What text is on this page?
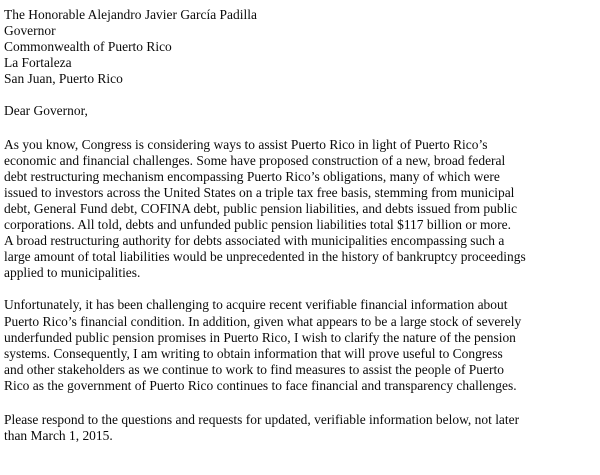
The Honorable Alejandro Javier García Padilla Governor Commonwealth of Puerto Rico La Fortaleza San Juan, Puerto Rico
Dear Governor,
As you know, Congress is considering ways to assist Puerto Rico in light of Puerto Rico’s economic and financial challenges. Some have proposed construction of a new, broad federal debt restructuring mechanism encompassing Puerto Rico’s obligations, many of which were issued to investors across the United States on a triple tax free basis, stemming from municipal debt, General Fund debt, COFINA debt, public pension liabilities, and debts issued from public corporations. All told, debts and unfunded public pension liabilities total $117 billion or more. A broad restructuring authority for debts associated with municipalities encompassing such a large amount of total liabilities would be unprecedented in the history of bankruptcy proceedings applied to municipalities.
Unfortunately, it has been challenging to acquire recent verifiable financial information about Puerto Rico’s financial condition. In addition, given what appears to be a large stock of severely underfunded public pension promises in Puerto Rico, I wish to clarify the nature of the pension systems. Consequently, I am writing to obtain information that will prove useful to Congress and other stakeholders as we continue to work to find measures to assist the people of Puerto Rico as the government of Puerto Rico continues to face financial and transparency challenges.
Please respond to the questions and requests for updated, verifiable information below, not later than March 1, 2015.
